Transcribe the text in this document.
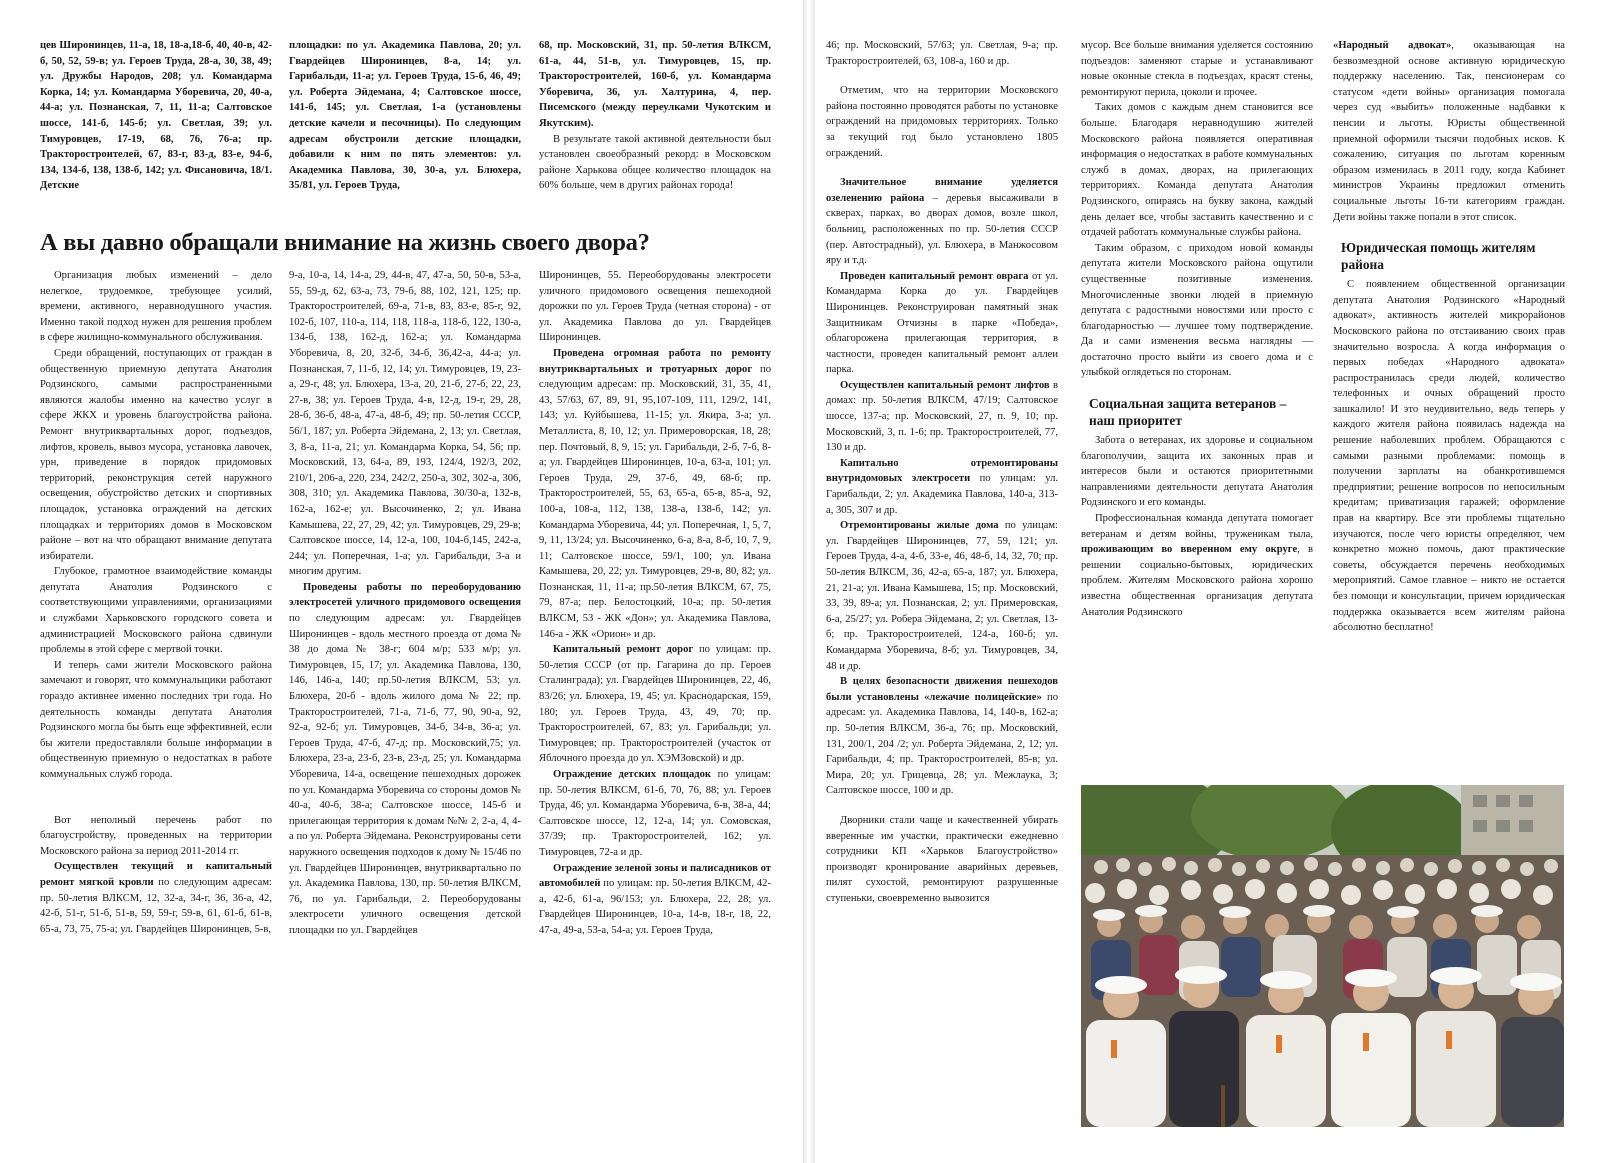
цев Широнинцев, 11-а, 18, 18-а,18-б, 40, 40-в, 42-б, 50, 52, 59-в; ул. Героев Труда, 28-а, 30, 38, 49; ул. Дружбы Народов, 208; ул. Командарма Корка, 14; ул. Командарма Уборевича, 20, 40-а, 44-а; ул. Познанская, 7, 11, 11-а; Салтовское шоссе, 141-б, 145-б; ул. Светлая, 39; ул. Тимуровцев, 17-19, 68, 76, 76-а; пр. Тракторостроителей, 67, 83-г, 83-д, 83-е, 94-б, 134, 134-б, 138, 138-б, 142; ул. Фисановича, 18/1. Детские

площадки: по ул. Академика Павлова, 20; ул. Гвардейцев Широнинцев, 8-а, 14; ул. Гарибальди, 11-а; ул. Героев Труда, 15-б, 46, 49; ул. Роберта Эйдемана, 4; Салтовское шоссе, 141-б, 145; ул. Светлая, 1-а (установлены детские качели и песочницы). По следующим адресам обустроили детские площадки, добавили к ним по пять элементов: ул. Академика Павлова, 30, 30-а, ул. Блюхера, 35/81, ул. Героев Труда,

68, пр. Московский, 31, пр. 50-летия ВЛКСМ, 61-а, 44, 51-в, ул. Тимуровцев, 15, пр. Тракторостроителей, 160-б, ул. Командарма Уборевича, 36, ул. Халтурина, 4, пер. Писемского (между переулками Чукотским и Якутским).

В результате такой активной деятельности был установлен своеобразный рекорд: в Московском районе Харькова общее количество площадок на 60% больше, чем в других районах города!

А вы давно обращали внимание на жизнь своего двора?

Организация любых изменений – дело нелегкое, трудоемкое, требующее усилий, времени, активного, неравнодушного участия. Именно такой подход нужен для решения проблем в сфере жилищно-коммунального обслуживания.

Среди обращений, поступающих от граждан в общественную приемную депутата Анатолия Родзинского, самыми распространенными являются жалобы именно на качество услуг в сфере ЖКХ и уровень благоустройства района. Ремонт внутриквартальных дорог, подъездов, лифтов, кровель, вывоз мусора, установка лавочек, урн, приведение в порядок придомовых территорий, реконструкция сетей наружного освещения, обустройство детских и спортивных площадок, установка ограждений на детских площадках и территориях домов в Московском районе – вот на что обращают внимание депутата избиратели.

Глубокое, грамотное взаимодействие команды депутата Анатолия Родзинского с соответствующими управлениями, организациями и службами Харьковского городского совета и администрацией Московского района сдвинули проблемы в этой сфере с мертвой точки.

И теперь сами жители Московского района замечают и говорят, что коммунальщики работают гораздо активнее именно последних три года. Но деятельность команды депутата Анатолия Родзинского могла бы быть еще эффективней, если бы жители предоставляли больше информации в общественную приемную о недостатках в работе коммунальных служб города.

Вот неполный перечень работ по благоустройству, проведенных на территории Московского района за период 2011-2014 гг.

Осуществлен текущий и капитальный ремонт мягкой кровли по следующим адресам: пр. 50-летия ВЛКСМ, 12, 32-а, 34-г, 36, 36-а, 42, 42-б, 51-г, 51-б, 51-в, 59, 59-г, 59-в, 61, 61-б, 61-в, 65-а, 73, 75, 75-а; ул. Гвардейцев Широнинцев, 5-в,

9-а, 10-а, 14, 14-а, 29, 44-в, 47, 47-а, 50, 50-в, 53-а, 55, 59-д, 62, 63-а, 73, 79-б, 88, 102, 121, 125; пр. Тракторостроителей, 69-а, 71-в, 83, 83-е, 85-г, 92, 102-б, 107, 110-а, 114, 118, 118-а, 118-б, 122, 130-а, 134-б, 138, 162-д, 162-а; ул. Командарма Уборевича, 8, 20, 32-б, 34-б, 36,42-а, 44-а; ул. Познанская, 7, 11-б, 12, 14; ул. Тимуровцев, 19, 23-а, 29-г, 48; ул. Блюхера, 13-а, 20, 21-б, 27-б, 22, 23, 27-в, 38; ул. Героев Труда, 4-в, 12-д, 19-г, 29, 28, 28-б, 36-б, 48-а, 47-а, 48-б, 49; пр. 50-летия СССР, 56/1, 187; ул. Роберта Эйдемана, 2, 13; ул. Светлая, 3, 8-а, 11-а, 21; ул. Командарма Корка, 54, 56; пр. Московский, 13, 64-а, 89, 193, 124/4, 192/3, 202, 210/1, 206-а, 220, 234, 242/2, 250-а, 302, 302-а, 306, 308, 310; ул. Академика Павлова, 30/30-а, 132-в, 162-а, 162-е; ул. Высочиненко, 2; ул. Ивана Камышева, 22, 27, 29, 42; ул. Тимуровцев, 29, 29-в; Салтовское шоссе, 14, 12-а, 100, 104-б,145, 242-а, 244; ул. Поперечная, 1-а; ул. Гарибальди, 3-а и многим другим.

Проведены работы по переоборудованию электросетей уличного придомового освещения по следующим адресам: ул. Гвардейцев Широнинцев - вдоль местного проезда от дома № 38 до дома № 38-г; 604 м/р; 533 м/р; ул. Тимуровцев, 15, 17; ул. Академика Павлова, 130, 146, 146-а, 140; пр.50-летия ВЛКСМ, 53; ул. Блюхера, 20-б - вдоль жилого дома № 22; пр. Тракторостроителей, 71-а, 71-б, 77, 90, 90-а, 92, 92-а, 92-б; ул. Тимуровцев, 34-б, 34-в, 36-а; ул. Героев Труда, 47-б, 47-д; пр. Московский,75; ул. Блюхера, 23-а, 23-б, 23-в, 23-д, 25; ул. Командарма Уборевича, 14-а, освещение пешеходных дорожек по ул. Командарма Уборевича со стороны домов № 40-а, 40-б, 38-а; Салтовское шоссе, 145-б и прилегающая территория к домам №№ 2, 2-а, 4, 4-а по ул. Роберта Эйдемана. Реконструированы сети наружного освещения подходов к дому № 15/46 по ул. Гвардейцев Широнинцев, внутриквартально по ул. Академика Павлова, 130, пр. 50-летия ВЛКСМ, 76, по ул. Гарибальди, 2. Переоборудованы электросети уличного освещения детской площадки по ул. Гвардейцев

Широнинцев, 55. Переоборудованы электросети уличного придомового освещения пешеходной дорожки по ул. Героев Труда (четная сторона) - от ул. Академика Павлова до ул. Гвардейцев Широнинцев.

Проведена огромная работа по ремонту внутриквартальных и тротуарных дорог по следующим адресам: пр. Московский, 31, 35, 41, 43, 57/63, 67, 89, 91, 95,107-109, 111, 129/2, 141, 143; ул. Куйбышева, 11-15; ул. Якира, 3-а; ул. Металлиста, 8, 10, 12; ул. Примероворская, 18, 28; пер. Почтовый, 8, 9, 15; ул. Гарибальди, 2-б, 7-б, 8-а; ул. Гвардейцев Широнинцев, 10-а, 63-а, 101; ул. Героев Труда, 29, 37-б, 49, 68-б; пр. Тракторостроителей, 55, 63, 65-а, 65-в, 85-а, 92, 100-а, 108-а, 112, 138, 138-а, 138-б, 142; ул. Командарма Уборевича, 44; ул. Поперечная, 1, 5, 7, 9, 11, 13/24; ул. Высочиненко, 6-а, 8-а, 8-б, 10, 7, 9, 11; Салтовское шоссе, 59/1, 100; ул. Ивана Камышева, 20, 22; ул. Тимуровцев, 29-в, 80, 82; ул. Познанская, 11, 11-а; пр.50-летия ВЛКСМ, 67, 75, 79, 87-а; пер. Белостоцкий, 10-а; пр. 50-летия ВЛКСМ, 53 - ЖК «Дон»; ул. Академика Павлова, 146-а - ЖК «Орион» и др.

Капитальный ремонт дорог по улицам: пр. 50-летия СССР (от пр. Гагарина до пр. Героев Сталинграда); ул. Гвардейцев Широнинцев, 22, 46, 83/26; ул. Блюхера, 19, 45; ул. Краснодарская, 159, 180; ул. Героев Труда, 43, 49, 70; пр. Тракторостроителей, 67, 83; ул. Гарибальди; ул. Тимуровцев; пр. Тракторостроителей (участок от Яблочного проезда до ул. ХЭМЗовской) и др.

Ограждение детских площадок по улицам: пр. 50-летия ВЛКСМ, 61-б, 70, 76, 88; ул. Героев Труда, 46; ул. Командарма Уборевича, 6-в, 38-а, 44; Салтовское шоссе, 12, 12-а, 14; ул. Сомовская, 37/39; пр. Тракторостроителей, 162; ул. Тимуровцев, 72-а и др.

Ограждение зеленой зоны и палисадников от автомобилей по улицам: пр. 50-летия ВЛКСМ, 42-а, 42-б, 61-а, 96/153; ул. Блюхера, 22, 28; ул. Гвардейцев Широнинцев, 10-а, 14-в, 18-г, 18, 22, 47-а, 49-а, 53-а, 54-а; ул. Героев Труда,

46; пр. Московский, 57/63; ул. Светлая, 9-а; пр. Тракторостроителей, 63, 108-а, 160 и др.

Отметим, что на территории Московского района постоянно проводятся работы по установке ограждений на придомовых территориях. Только за текущий год было установлено 1805 ограждений.

Значительное внимание уделяется озеленению района – деревья высаживали в скверах, парках, во дворах домов, возле школ, больниц, расположенных по пр. 50-летия СССР (пер. Автострадный), ул. Блюхера, в Манжосовом яру и т.д.

Проведен капитальный ремонт оврага от ул. Командарма Корка до ул. Гвардейцев Широнинцев. Реконструирован памятный знак Защитникам Отчизны в парке «Победа», облагорожена прилегающая территория, в частности, проведен капитальный ремонт аллеи парка.

Осуществлен капитальный ремонт лифтов в домах: пр. 50-летия ВЛКСМ, 47/19; Салтовское шоссе, 137-а; пр. Московский, 27, п. 9, 10; пр. Московский, 3, п. 1-6; пр. Тракторостроителей, 77, 130 и др.

Капитально отремонтированы внутридомовых электросети по улицам: ул. Гарибальди, 2; ул. Академика Павлова, 140-а, 313-а, 305, 307 и др.

Отремонтированы жилые дома по улицам: ул. Гвардейцев Широнинцев, 77, 59, 121; ул. Героев Труда, 4-а, 4-б, 33-е, 46, 48-б, 14, 32, 70; пр. 50-летия ВЛКСМ, 36, 42-а, 65-а, 187; ул. Блюхера, 21, 21-а; ул. Ивана Камышева, 15; пр. Московский, 33, 39, 89-а; ул. Познанская, 2; ул. Примеровская, 6-а, 25/27; ул. Робера Эйдемана, 2; ул. Светлая, 13-б; пр. Тракторостроителей, 124-а, 160-б; ул. Командарма Уборевича, 8-б; ул. Тимуровцев, 34, 48 и др.

В целях безопасности движения пешеходов были установлены «лежачие полицейские» по адресам: ул. Академика Павлова, 14, 140-в, 162-а; пр. 50-летия ВЛКСМ, 36-а, 76; пр. Московский, 131, 200/1, 204 /2; ул. Роберта Эйдемана, 2, 12; ул. Гарибальди, 4; пр. Тракторостроителей, 85-в; ул. Мира, 20; ул. Грицевца, 28; ул. Межлаука, 3; Салтовское шоссе, 100 и др.

Дворники стали чаще и качественней убирать вверенные им участки, практически ежедневно сотрудники КП «Харьков Благоустройство» производят кронирование аварийных деревьев, пилят сухостой, ремонтируют разрушенные ступеньки, своевременно вывозится

мусор. Все больше внимания уделяется состоянию подъездов: заменяют старые и устанавливают новые оконные стекла в подъездах, красят стены, ремонтируют перила, цоколи и прочее.

Таких домов с каждым днем становится все больше. Благодаря неравнодушию жителей Московского района появляется оперативная информация о недостатках в работе коммунальных служб в домах, дворах, на прилегающих территориях. Команда депутата Анатолия Родзинского, опираясь на букву закона, каждый день делает все, чтобы заставить качественно и с отдачей работать коммунальные службы района.

Таким образом, с приходом новой команды депутата жители Московского района ощутили существенные позитивные изменения. Многочисленные звонки людей в приемную депутата с радостными новостями или просто с благодарностью — лучшее тому подтверждение. Да и сами изменения весьма наглядны — достаточно просто выйти из своего дома и с улыбкой оглядеться по сторонам.

Социальная защита ветеранов – наш приоритет

Забота о ветеранах, их здоровье и социальном благополучии, защита их законных прав и интересов были и остаются приоритетными направлениями деятельности депутата Анатолия Родзинского и его команды.

Профессиональная команда депутата помогает ветеранам и детям войны, труженикам тыла, проживающим во вверенном ему округе, в решении социально-бытовых, юридических проблем. Жителям Московского района хорошо известна общественная организация депутата Анатолия Родзинского

«Народный адвокат», оказывающая на безвозмездной основе активную юридическую поддержку населению. Так, пенсионерам со статусом «дети войны» организация помогала через суд «выбить» положенные надбавки к пенсии и льготы. Юристы общественной приемной оформили тысячи подобных исков. К сожалению, ситуация по льготам коренным образом изменилась в 2011 году, когда Кабинет министров Украины предложил отменить социальные льготы 16-ти категориям граждан. Дети войны также попали в этот список.

Юридическая помощь жителям района

С появлением общественной организации депутата Анатолия Родзинского «Народный адвокат», активность жителей микрорайонов Московского района по отстаиванию своих прав значительно возросла. А когда информация о первых победах «Народного адвоката» распространилась среди людей, количество телефонных и очных обращений просто зашкалило! И это неудивительно, ведь теперь у каждого жителя района появилась надежда на решение наболевших проблем. Обращаются с самыми разными проблемами: помощь в получении зарплаты на обанкротившемся предприятии; решение вопросов по непосильным кредитам; приватизация гаражей; оформление прав на квартиру. Все эти проблемы тщательно изучаются, после чего юристы определяют, чем конкретно можно помочь, дают практические советы, обсуждается перечень необходимых мероприятий. Самое главное – никто не остается без помощи и консультации, причем юридическая поддержка оказывается всем жителям района абсолютно бесплатно!
